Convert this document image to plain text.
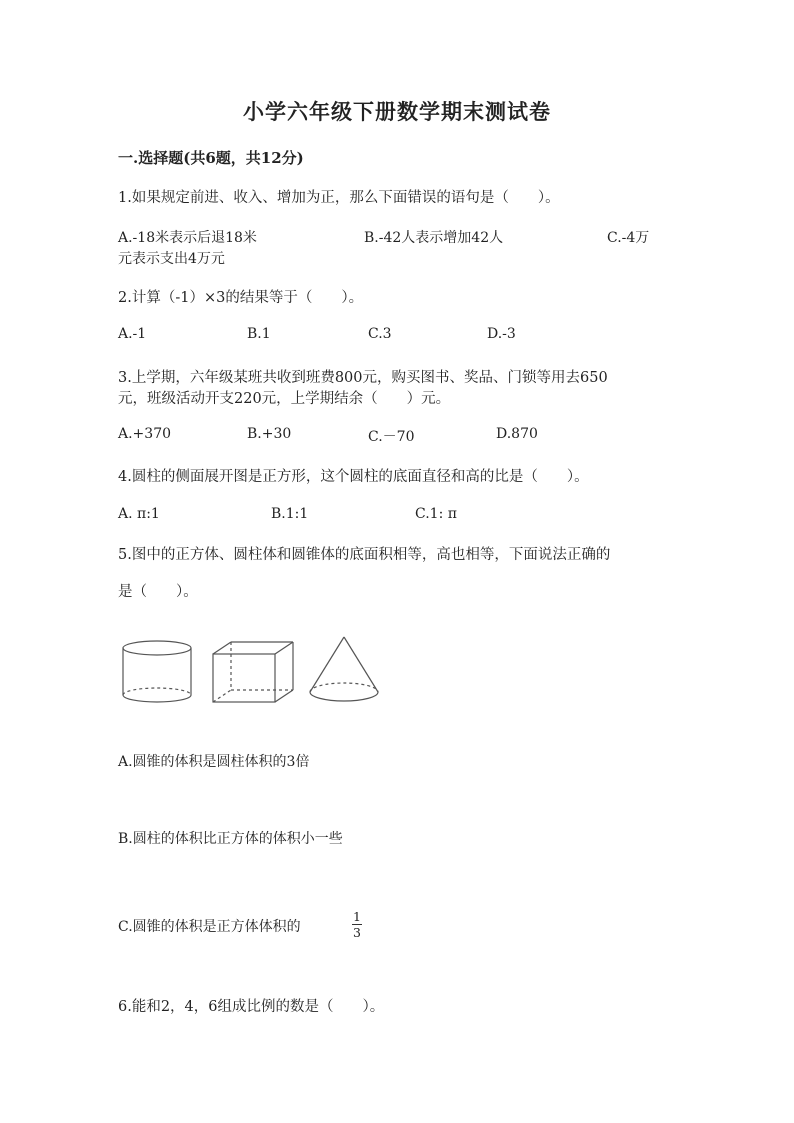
小学六年级下册数学期末测试卷
一.选择题(共6题，共12分)
1.如果规定前进、收入、增加为正，那么下面错误的语句是（　　）。
A.-18米表示后退18米	B.-42人表示增加42人	C.-4万
元表示支出4万元
2.计算（-1）×3的结果等于（　　）。
A.-1	B.1	C.3	D.-3
3.上学期，六年级某班共收到班费800元，购买图书、奖品、门锁等用去650
元，班级活动开支220元，上学期结余（　　）元。
A.+370	B.+30	C.－70	D.870
4.圆柱的侧面展开图是正方形，这个圆柱的底面直径和高的比是（　　）。
A. π:1	B.1:1	C.1: π
5.图中的正方体、圆柱体和圆锥体的底面积相等，高也相等，下面说法正确的
是（　　）。
A.圆锥的体积是圆柱体积的3倍
B.圆柱的体积比正方体的体积小一些
C.圆锥的体积是正方体体积的
1
3
6.能和2，4，6组成比例的数是（　　）。
